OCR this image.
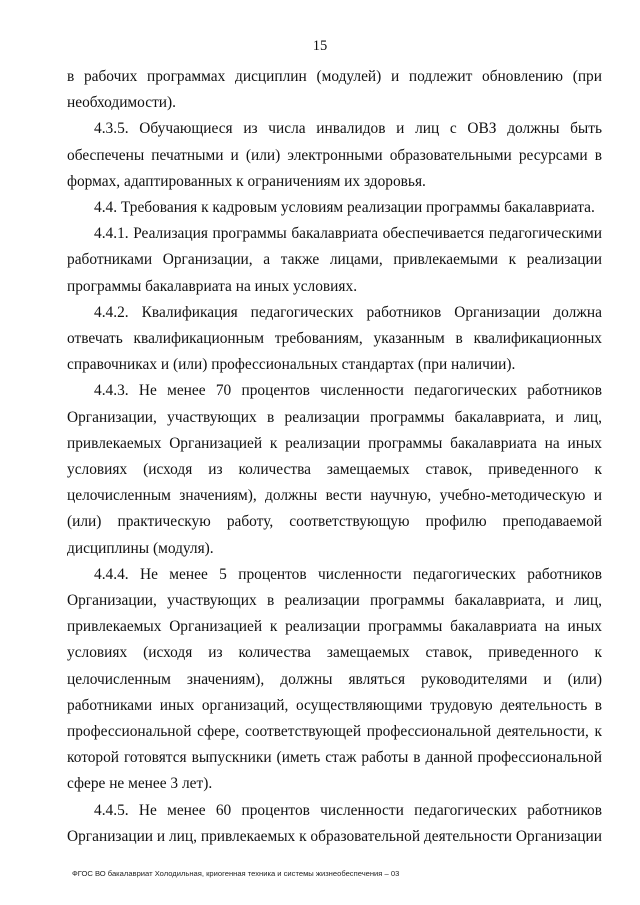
15

в рабочих программах дисциплин (модулей) и подлежит обновлению (при необходимости).

4.3.5. Обучающиеся из числа инвалидов и лиц с ОВЗ должны быть обеспечены печатными и (или) электронными образовательными ресурсами в формах, адаптированных к ограничениям их здоровья.

4.4. Требования к кадровым условиям реализации программы бакалавриата.

4.4.1. Реализация программы бакалавриата обеспечивается педагогическими работниками Организации, а также лицами, привлекаемыми к реализации программы бакалавриата на иных условиях.

4.4.2. Квалификация педагогических работников Организации должна отвечать квалификационным требованиям, указанным в квалификационных справочниках и (или) профессиональных стандартах (при наличии).

4.4.3. Не менее 70 процентов численности педагогических работников Организации, участвующих в реализации программы бакалавриата, и лиц, привлекаемых Организацией к реализации программы бакалавриата на иных условиях (исходя из количества замещаемых ставок, приведенного к целочисленным значениям), должны вести научную, учебно-методическую и (или) практическую работу, соответствующую профилю преподаваемой дисциплины (модуля).

4.4.4. Не менее 5 процентов численности педагогических работников Организации, участвующих в реализации программы бакалавриата, и лиц, привлекаемых Организацией к реализации программы бакалавриата на иных условиях (исходя из количества замещаемых ставок, приведенного к целочисленным значениям), должны являться руководителями и (или) работниками иных организаций, осуществляющими трудовую деятельность в профессиональной сфере, соответствующей профессиональной деятельности, к которой готовятся выпускники (иметь стаж работы в данной профессиональной сфере не менее 3 лет).

4.4.5. Не менее 60 процентов численности педагогических работников Организации и лиц, привлекаемых к образовательной деятельности Организации

ФГОС ВО бакалавриат Холодильная, криогенная техника и системы жизнеобеспечения – 03
